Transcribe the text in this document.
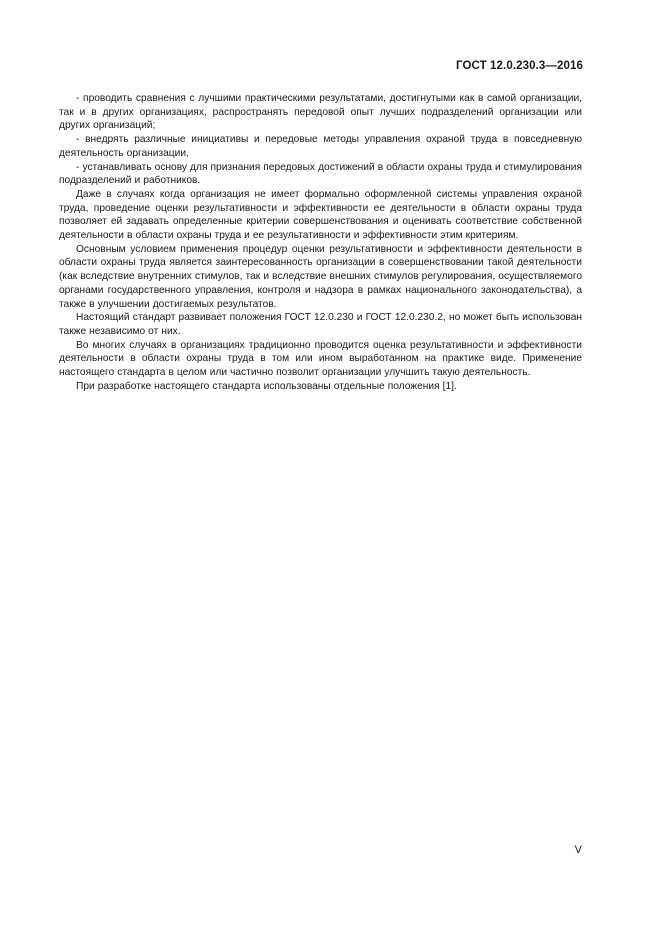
ГОСТ 12.0.230.3—2016

- проводить сравнения с лучшими практическими результатами, достигнутыми как в самой организации, так и в других организациях, распространять передовой опыт лучших подразделений организации или других организаций;

- внедрять различные инициативы и передовые методы управления охраной труда в повседневную деятельность организации,

- устанавливать основу для признания передовых достижений в области охраны труда и стимулирования подразделений и работников.

Даже в случаях когда организация не имеет формально оформленной системы управления охраной труда, проведение оценки результативности и эффективности ее деятельности в области охраны труда позволяет ей задавать определенные критерии совершенствования и оценивать соответствие собственной деятельности в области охраны труда и ее результативности и эффективности этим критериям.

Основным условием применения процедур оценки результативности и эффективности деятельности в области охраны труда является заинтересованность организации в совершенствовании такой деятельности (как вследствие внутренних стимулов, так и вследствие внешних стимулов регулирования, осуществляемого органами государственного управления, контроля и надзора в рамках национального законодательства), а также в улучшении достигаемых результатов.

Настоящий стандарт развивает положения ГОСТ 12.0.230 и ГОСТ 12.0.230.2, но может быть использован также независимо от них.

Во многих случаях в организациях традиционно проводится оценка результативности и эффективности деятельности в области охраны труда в том или ином выработанном на практике виде. Применение настоящего стандарта в целом или частично позволит организации улучшить такую деятельность.

При разработке настоящего стандарта использованы отдельные положения [1].

V
